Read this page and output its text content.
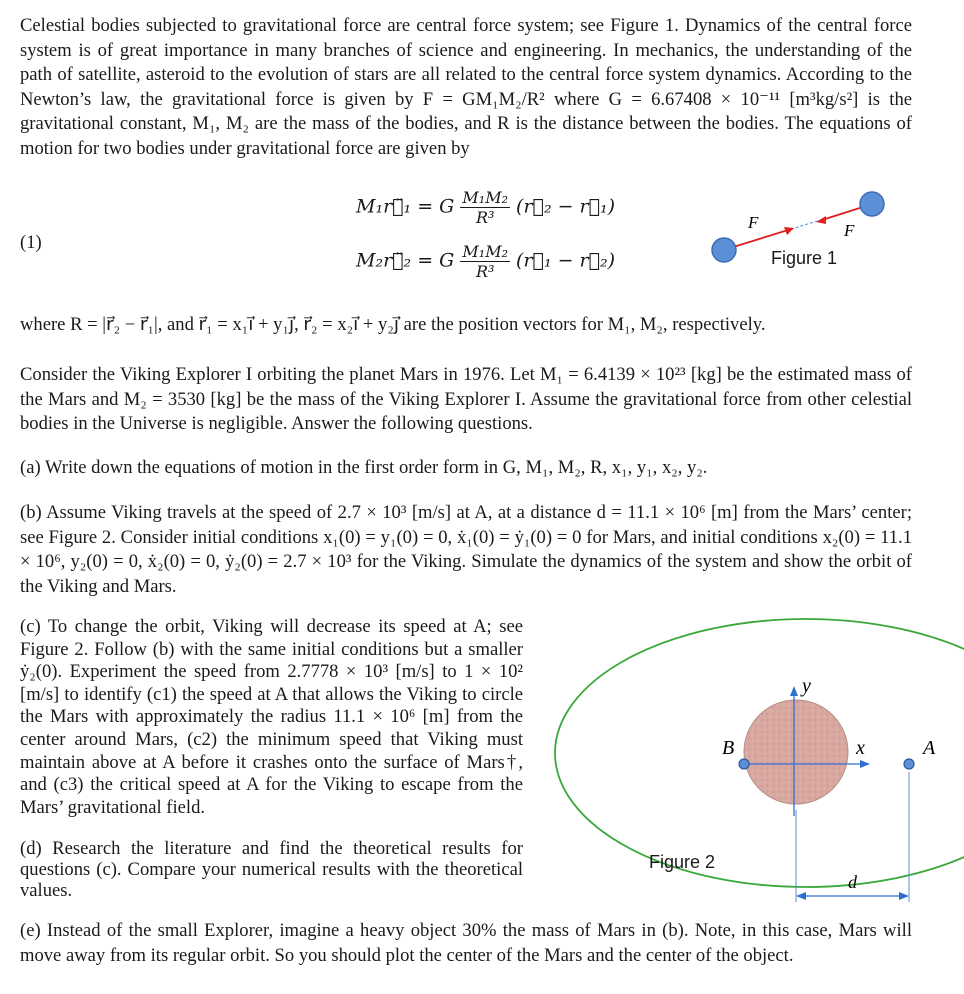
Celestial bodies subjected to gravitational force are central force system; see Figure 1. Dynamics of the central force system is of great importance in many branches of science and engineering. In mechanics, the understanding of the path of satellite, asteroid to the evolution of stars are all related to the central force system dynamics. According to the Newton’s law, the gravitational force is given by F = GM₁M₂/R² where G = 6.67408 × 10⁻¹¹ [m³kg/s²] is the gravitational constant, M₁, M₂ are the mass of the bodies, and R is the distance between the bodies. The equations of motion for two bodies under gravitational force are given by

(1)
M₁r⃗̈₁ = G $\frac{\text{M₁M₂}}{\text{R³}}$ (r⃗₂ − r⃗₁)
M₂r⃗̈₂ = G $\frac{\text{M₁M₂}}{\text{R³}}$ (r⃗₁ − r⃗₂)
F	F
Figure 1

where R = |r⃗₂ − r⃗₁|, and r⃗₁ = x₁ı⃗ + y₁ȷ⃗, r⃗₂ = x₂ı⃗ + y₂ȷ⃗ are the position vectors for M₁, M₂, respectively.

Consider the Viking Explorer I orbiting the planet Mars in 1976. Let M₁ = 6.4139 × 10²³ [kg] be the estimated mass of the Mars and M₂ = 3530 [kg] be the mass of the Viking Explorer I. Assume the gravitational force from other celestial bodies in the Universe is negligible. Answer the following questions.

(a) Write down the equations of motion in the first order form in G, M₁, M₂, R, x₁, y₁, x₂, y₂.

(b) Assume Viking travels at the speed of 2.7 × 10³ [m/s] at A, at a distance d = 11.1 × 10⁶ [m] from the Mars’ center; see Figure 2. Consider initial conditions x₁(0) = y₁(0) = 0, ẋ₁(0) = ẏ₁(0) = 0 for Mars, and initial conditions x₂(0) = 11.1 × 10⁶, y₂(0) = 0, ẋ₂(0) = 0, ẏ₂(0) = 2.7 × 10³ for the Viking. Simulate the dynamics of the system and show the orbit of the Viking and Mars.

(c) To change the orbit, Viking will decrease its speed at A; see Figure 2. Follow (b) with the same initial conditions but a smaller ẏ₂(0). Experiment the speed from 2.7778 × 10³ [m/s] to 1 × 10² [m/s] to identify (c1) the speed at A that allows the Viking to circle the Mars with approximately the radius 11.1 × 10⁶ [m] from the center around Mars, (c2) the minimum speed that Viking must maintain above at A before it crashes onto the surface of Mars†, and (c3) the critical speed at A for the Viking to escape from the Mars’ gravitational field.

(d) Research the literature and find the theoretical results for questions (c). Compare your numerical results with the theoretical values.

B	A
x
y
d
Figure 2

(e) Instead of the small Explorer, imagine a heavy object 30% the mass of Mars in (b). Note, in this case, Mars will move away from its regular orbit. So you should plot the center of the Mars and the center of the object.
